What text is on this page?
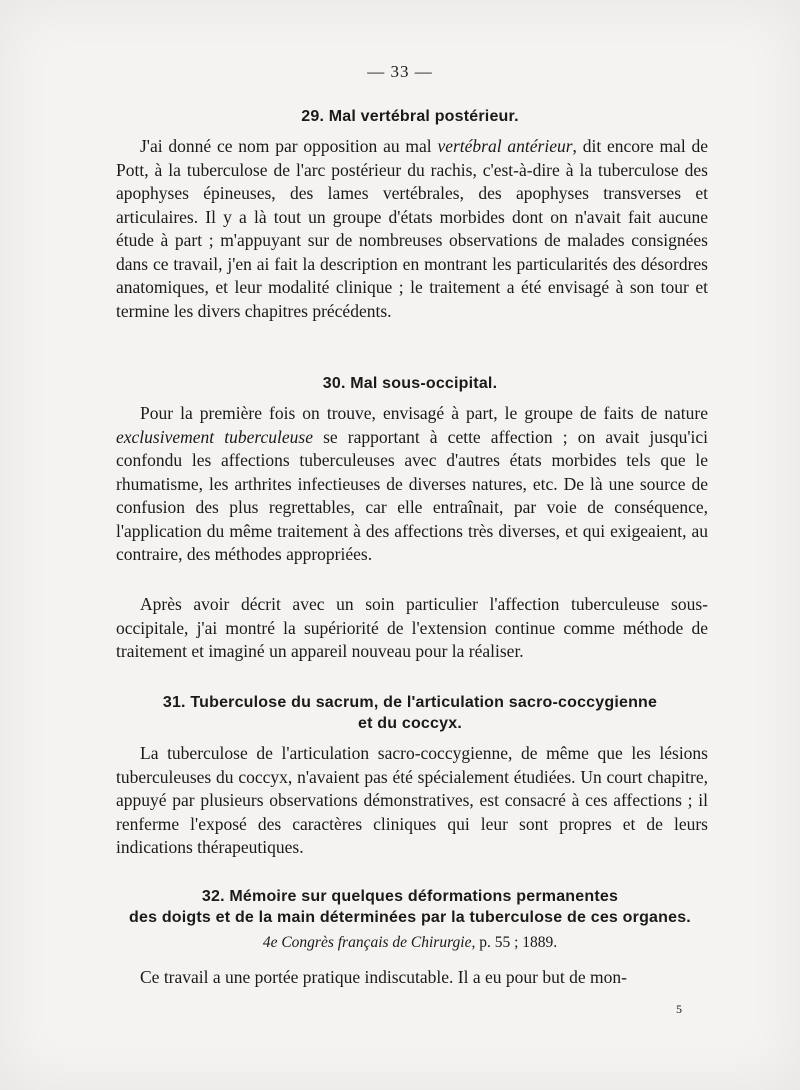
— 33 —
29. Mal vertébral postérieur.
J'ai donné ce nom par opposition au mal vertébral antérieur, dit encore mal de Pott, à la tuberculose de l'arc postérieur du rachis, c'est-à-dire à la tuberculose des apophyses épineuses, des lames vertébrales, des apophyses transverses et articulaires. Il y a là tout un groupe d'états morbides dont on n'avait fait aucune étude à part ; m'appuyant sur de nombreuses observations de malades consignées dans ce travail, j'en ai fait la description en montrant les particularités des désordres anatomiques, et leur modalité clinique ; le traitement a été envisagé à son tour et termine les divers chapitres précédents.
30. Mal sous-occipital.
Pour la première fois on trouve, envisagé à part, le groupe de faits de nature exclusivement tuberculeuse se rapportant à cette affection ; on avait jusqu'ici confondu les affections tuberculeuses avec d'autres états morbides tels que le rhumatisme, les arthrites infectieuses de diverses natures, etc. De là une source de confusion des plus regrettables, car elle entraînait, par voie de conséquence, l'application du même traitement à des affections très diverses, et qui exigeaient, au contraire, des méthodes appropriées.
Après avoir décrit avec un soin particulier l'affection tuberculeuse sous-occipitale, j'ai montré la supériorité de l'extension continue comme méthode de traitement et imaginé un appareil nouveau pour la réaliser.
31. Tuberculose du sacrum, de l'articulation sacro-coccygienne
et du coccyx.
La tuberculose de l'articulation sacro-coccygienne, de même que les lésions tuberculeuses du coccyx, n'avaient pas été spécialement étudiées. Un court chapitre, appuyé par plusieurs observations démonstratives, est consacré à ces affections ; il renferme l'exposé des caractères cliniques qui leur sont propres et de leurs indications thérapeutiques.
32. Mémoire sur quelques déformations permanentes
des doigts et de la main déterminées par la tuberculose de ces organes.
4e Congrès français de Chirurgie, p. 55 ; 1889.
Ce travail a une portée pratique indiscutable. Il a eu pour but de mon-
5
